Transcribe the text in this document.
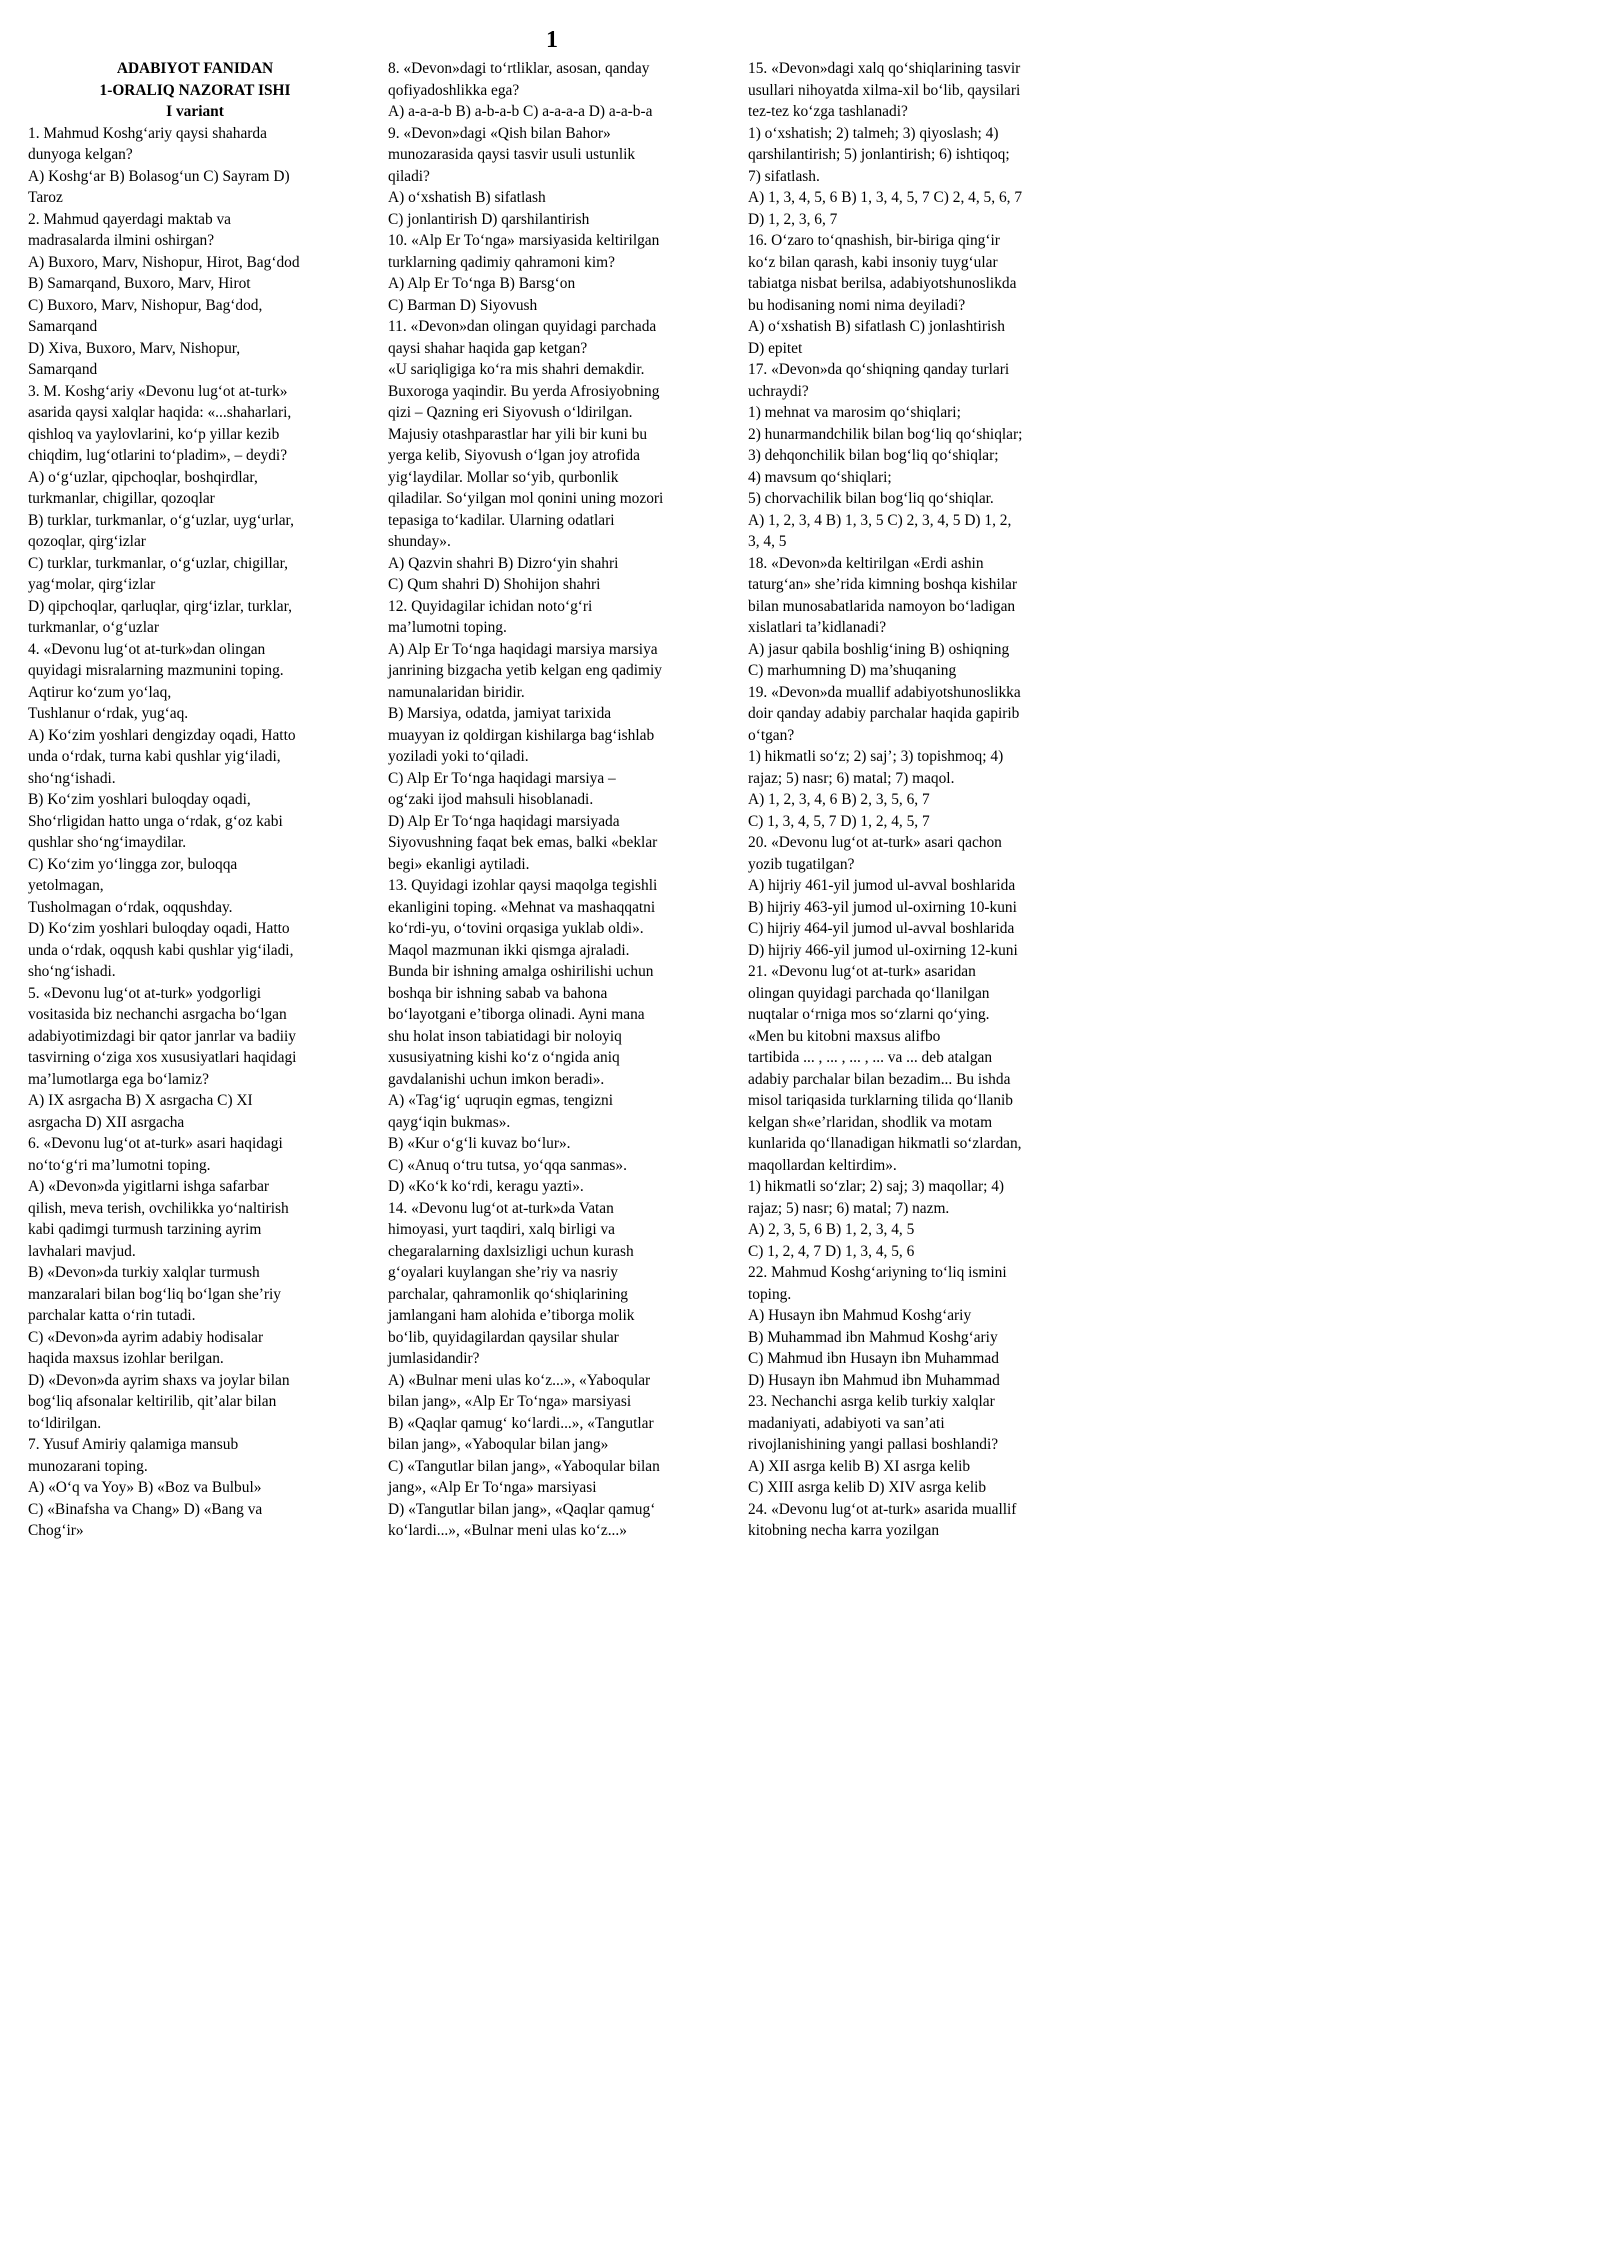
1
ADABIYOT FANIDAN
1-ORALIQ NAZORAT ISHI
I variant
1. Mahmud Koshg‘ariy qaysi shaharda
dunyoga kelgan?
A) Koshg‘ar B) Bolasog‘un C) Sayram D)
Taroz
2. Mahmud qayerdagi maktab va
madrasalarda ilmini oshirgan?
A) Buxoro, Marv, Nishopur, Hirot, Bag‘dod
B) Samarqand, Buxoro, Marv, Hirot
C) Buxoro, Marv, Nishopur, Bag‘dod,
Samarqand
D) Xiva, Buxoro, Marv, Nishopur,
Samarqand
3. M. Koshg‘ariy «Devonu lug‘ot at-turk»
asarida qaysi xalqlar haqida: «...shaharlari,
qishloq va yaylovlarini, ko‘p yillar kezib
chiqdim, lug‘otlarini to‘pladim», – deydi?
A) o‘g‘uzlar, qipchoqlar, boshqirdlar,
turkmanlar, chigillar, qozoqlar
B) turklar, turkmanlar, o‘g‘uzlar, uyg‘urlar,
qozoqlar, qirg‘izlar
C) turklar, turkmanlar, o‘g‘uzlar, chigillar,
yag‘molar, qirg‘izlar
D) qipchoqlar, qarluqlar, qirg‘izlar, turklar,
turkmanlar, o‘g‘uzlar
4. «Devonu lug‘ot at-turk»dan olingan
quyidagi misralarning mazmunini toping.
Aqtirur ko‘zum yo‘laq,
Tushlanur o‘rdak, yug‘aq.
A) Ko‘zim yoshlari dengizday oqadi, Hatto
unda o‘rdak, turna kabi qushlar yig‘iladi,
sho‘ng‘ishadi.
B) Ko‘zim yoshlari buloqday oqadi,
Sho‘rligidan hatto unga o‘rdak, g‘oz kabi
qushlar sho‘ng‘imaydilar.
C) Ko‘zim yo‘lingga zor, buloqqa
yetolmagan,
Tusholmagan o‘rdak, oqqushday.
D) Ko‘zim yoshlari buloqday oqadi, Hatto
unda o‘rdak, oqqush kabi qushlar yig‘iladi,
sho‘ng‘ishadi.
5. «Devonu lug‘ot at-turk» yodgorligi
vositasida biz nechanchi asrgacha bo‘lgan
adabiyotimizdagi bir qator janrlar va badiiy
tasvirning o‘ziga xos xususiyatlari haqidagi
ma’lumotlarga ega bo‘lamiz?
A) IX asrgacha B) X asrgacha C) XI
asrgacha D) XII asrgacha
6. «Devonu lug‘ot at-turk» asari haqidagi
no‘to‘g‘ri ma’lumotni toping.
A) «Devon»da yigitlarni ishga safarbar
qilish, meva terish, ovchilikka yo‘naltirish
kabi qadimgi turmush tarzining ayrim
lavhalari mavjud.
B) «Devon»da turkiy xalqlar turmush
manzaralari bilan bog‘liq bo‘lgan she’riy
parchalar katta o‘rin tutadi.
C) «Devon»da ayrim adabiy hodisalar
haqida maxsus izohlar berilgan.
D) «Devon»da ayrim shaxs va joylar bilan
bog‘liq afsonalar keltirilib, qit’alar bilan
to‘ldirilgan.
7. Yusuf Amiriy qalamiga mansub
munozarani toping.
A) «O‘q va Yoy» B) «Boz va Bulbul»
C) «Binafsha va Chang» D) «Bang va
Chog‘ir»
8. «Devon»dagi to‘rtliklar, asosan, qanday
qofiyadoshlikka ega?
A) a-a-a-b B) a-b-a-b C) a-a-a-a D) a-a-b-a
9. «Devon»dagi «Qish bilan Bahor»
munozarasida qaysi tasvir usuli ustunlik
qiladi?
A) o‘xshatish B) sifatlash
C) jonlantirish D) qarshilantirish
10. «Alp Er To‘nga» marsiyasida keltirilgan
turklarning qadimiy qahramoni kim?
A) Alp Er To‘nga B) Barsg‘on
C) Barman D) Siyovush
11. «Devon»dan olingan quyidagi parchada
qaysi shahar haqida gap ketgan?
«U sariqligiga ko‘ra mis shahri demakdir.
Buxoroga yaqindir. Bu yerda Afrosiyobning
qizi – Qazning eri Siyovush o‘ldirilgan.
Majusiy otashparastlar har yili bir kuni bu
yerga kelib, Siyovush o‘lgan joy atrofida
yig‘laydilar. Mollar so‘yib, qurbonlik
qiladilar. So‘yilgan mol qonini uning mozori
tepasiga to‘kadilar. Ularning odatlari
shunday».
A) Qazvin shahri B) Dizro‘yin shahri
C) Qum shahri D) Shohijon shahri
12. Quyidagilar ichidan noto‘g‘ri
ma’lumotni toping.
A) Alp Er To‘nga haqidagi marsiya marsiya
janrining bizgacha yetib kelgan eng qadimiy
namunalaridan biridir.
B) Marsiya, odatda, jamiyat tarixida
muayyan iz qoldirgan kishilarga bag‘ishlab
yoziladi yoki to‘qiladi.
C) Alp Er To‘nga haqidagi marsiya –
og‘zaki ijod mahsuli hisoblanadi.
D) Alp Er To‘nga haqidagi marsiyada
Siyovushning faqat bek emas, balki «beklar
begi» ekanligi aytiladi.
13. Quyidagi izohlar qaysi maqolga tegishli
ekanligini toping. «Mehnat va mashaqqatni
ko‘rdi-yu, o‘tovini orqasiga yuklab oldi».
Maqol mazmunan ikki qismga ajraladi.
Bunda bir ishning amalga oshirilishi uchun
boshqa bir ishning sabab va bahona
bo‘layotgani e’tiborga olinadi. Ayni mana
shu holat inson tabiatidagi bir noloyiq
xususiyatning kishi ko‘z o‘ngida aniq
gavdalanishi uchun imkon beradi».
A) «Tag‘ig‘ uqruqin egmas, tengizni
qayg‘iqin bukmas».
B) «Kur o‘g‘li kuvaz bo‘lur».
C) «Anuq o‘tru tutsa, yo‘qqa sanmas».
D) «Ko‘k ko‘rdi, keragu yazti».
14. «Devonu lug‘ot at-turk»da Vatan
himoyasi, yurt taqdiri, xalq birligi va
chegaralarning daxlsizligi uchun kurash
g‘oyalari kuylangan she’riy va nasriy
parchalar, qahramonlik qo‘shiqlarining
jamlangani ham alohida e’tiborga molik
bo‘lib, quyidagilardan qaysilar shular
jumlasidandir?
A) «Bulnar meni ulas ko‘z...», «Yaboqular
bilan jang», «Alp Er To‘nga» marsiyasi
B) «Qaqlar qamug‘ ko‘lardi...», «Tangutlar
bilan jang», «Yaboqular bilan jang»
C) «Tangutlar bilan jang», «Yaboqular bilan
jang», «Alp Er To‘nga» marsiyasi
D) «Tangutlar bilan jang», «Qaqlar qamug‘
ko‘lardi...», «Bulnar meni ulas ko‘z...»
15. «Devon»dagi xalq qo‘shiqlarining tasvir
usullari nihoyatda xilma-xil bo‘lib, qaysilari
tez-tez ko‘zga tashlanadi?
1) o‘xshatish; 2) talmeh; 3) qiyoslash; 4)
qarshilantirish; 5) jonlantirish; 6) ishtiqoq;
7) sifatlash.
A) 1, 3, 4, 5, 6 B) 1, 3, 4, 5, 7 C) 2, 4, 5, 6, 7
D) 1, 2, 3, 6, 7
16. O‘zaro to‘qnashish, bir-biriga qing‘ir
ko‘z bilan qarash, kabi insoniy tuyg‘ular
tabiatga nisbat berilsa, adabiyotshunoslikda
bu hodisaning nomi nima deyiladi?
A) o‘xshatish B) sifatlash C) jonlashtirish
D) epitet
17. «Devon»da qo‘shiqning qanday turlari
uchraydi?
1) mehnat va marosim qo‘shiqlari;
2) hunarmandchilik bilan bog‘liq qo‘shiqlar;
3) dehqonchilik bilan bog‘liq qo‘shiqlar;
4) mavsum qo‘shiqlari;
5) chorvachilik bilan bog‘liq qo‘shiqlar.
A) 1, 2, 3, 4 B) 1, 3, 5 C) 2, 3, 4, 5 D) 1, 2,
3, 4, 5
18. «Devon»da keltirilgan «Erdi ashin
taturg‘an» she’rida kimning boshqa kishilar
bilan munosabatlarida namoyon bo‘ladigan
xislatlari ta’kidlanadi?
A) jasur qabila boshlig‘ining B) oshiqning
C) marhumning D) ma’shuqaning
19. «Devon»da muallif adabiyotshunoslikka
doir qanday adabiy parchalar haqida gapirib
o‘tgan?
1) hikmatli so‘z; 2) saj’; 3) topishmoq; 4)
rajaz; 5) nasr; 6) matal; 7) maqol.
A) 1, 2, 3, 4, 6 B) 2, 3, 5, 6, 7
C) 1, 3, 4, 5, 7 D) 1, 2, 4, 5, 7
20. «Devonu lug‘ot at-turk» asari qachon
yozib tugatilgan?
A) hijriy 461-yil jumod ul-avval boshlarida
B) hijriy 463-yil jumod ul-oxirning 10-kuni
C) hijriy 464-yil jumod ul-avval boshlarida
D) hijriy 466-yil jumod ul-oxirning 12-kuni
21. «Devonu lug‘ot at-turk» asaridan
olingan quyidagi parchada qo‘llanilgan
nuqtalar o‘rniga mos so‘zlarni qo‘ying.
«Men bu kitobni maxsus alifbo
tartibida ... , ... , ... , ... va ... deb atalgan
adabiy parchalar bilan bezadim... Bu ishda
misol tariqasida turklarning tilida qo‘llanib
kelgan sh«e’rlaridan, shodlik va motam
kunlarida qo‘llanadigan hikmatli so‘zlardan,
maqollardan keltirdim».
1) hikmatli so‘zlar; 2) saj; 3) maqollar; 4)
rajaz; 5) nasr; 6) matal; 7) nazm.
A) 2, 3, 5, 6 B) 1, 2, 3, 4, 5
C) 1, 2, 4, 7 D) 1, 3, 4, 5, 6
22. Mahmud Koshg‘ariyning to‘liq ismini
toping.
A) Husayn ibn Mahmud Koshg‘ariy
B) Muhammad ibn Mahmud Koshg‘ariy
C) Mahmud ibn Husayn ibn Muhammad
D) Husayn ibn Mahmud ibn Muhammad
23. Nechanchi asrga kelib turkiy xalqlar
madaniyati, adabiyoti va san’ati
rivojlanishining yangi pallasi boshlandi?
A) XII asrga kelib B) XI asrga kelib
C) XIII asrga kelib D) XIV asrga kelib
24. «Devonu lug‘ot at-turk» asarida muallif
kitobning necha karra yozilgan
